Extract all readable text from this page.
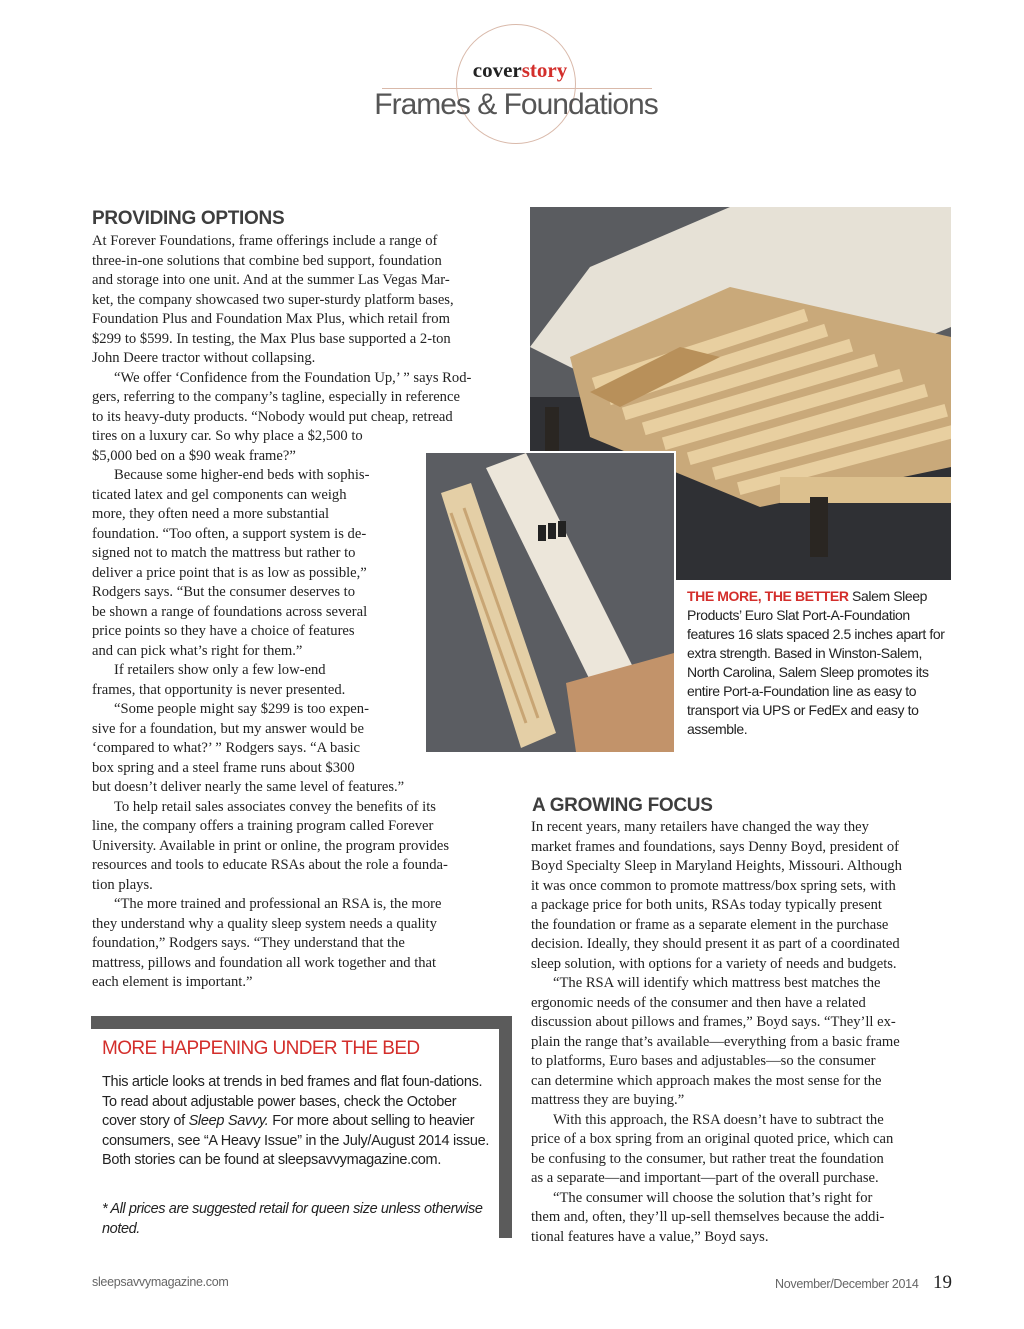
coverstory
Frames & Foundations
PROVIDING OPTIONS
At Forever Foundations, frame offerings include a range of
three-in-one solutions that combine bed support, foundation
and storage into one unit. And at the summer Las Vegas Mar-
ket, the company showcased two super-sturdy platform bases,
Foundation Plus and Foundation Max Plus, which retail from
$299 to $599. In testing, the Max Plus base supported a 2-ton
John Deere tractor without collapsing.
“We offer ‘Confidence from the Foundation Up,’ ” says Rod-
gers, referring to the company’s tagline, especially in reference
to its heavy-duty products. “Nobody would put cheap, retread
tires on a luxury car. So why place a $2,500 to
$5,000 bed on a $90 weak frame?”
Because some higher-end beds with sophis-
ticated latex and gel components can weigh
more, they often need a more substantial
foundation. “Too often, a support system is de-
signed not to match the mattress but rather to
deliver a price point that is as low as possible,”
Rodgers says. “But the consumer deserves to
be shown a range of foundations across several
price points so they have a choice of features
and can pick what’s right for them.”
If retailers show only a few low-end
frames, that opportunity is never presented.
“Some people might say $299 is too expen-
sive for a foundation, but my answer would be
‘compared to what?’ ” Rodgers says. “A basic
box spring and a steel frame runs about $300
but doesn’t deliver nearly the same level of features.”
To help retail sales associates convey the benefits of its
line, the company offers a training program called Forever
University. Available in print or online, the program provides
resources and tools to educate RSAs about the role a founda-
tion plays.
“The more trained and professional an RSA is, the more
they understand why a quality sleep system needs a quality
foundation,” Rodgers says. “They understand that the
mattress, pillows and foundation all work together and that
each element is important.”
THE MORE, THE BETTER Salem Sleep Products’ Euro Slat Port-A-Foundation features 16 slats spaced 2.5 inches apart for extra strength. Based in Winston-Salem, North Carolina, Salem Sleep promotes its entire Port-a-Foundation line as easy to transport via UPS or FedEx and easy to assemble.
A GROWING FOCUS
In recent years, many retailers have changed the way they
market frames and foundations, says Denny Boyd, president of
Boyd Specialty Sleep in Maryland Heights, Missouri. Although
it was once common to promote mattress/box spring sets, with
a package price for both units, RSAs today typically present
the foundation or frame as a separate element in the purchase
decision. Ideally, they should present it as part of a coordinated
sleep solution, with options for a variety of needs and budgets.
“The RSA will identify which mattress best matches the
ergonomic needs of the consumer and then have a related
discussion about pillows and frames,” Boyd says. “They’ll ex-
plain the range that’s available—everything from a basic frame
to platforms, Euro bases and adjustables—so the consumer
can determine which approach makes the most sense for the
mattress they are buying.”
With this approach, the RSA doesn’t have to subtract the
price of a box spring from an original quoted price, which can
be confusing to the consumer, but rather treat the foundation
as a separate—and important—part of the overall purchase.
“The consumer will choose the solution that’s right for
them and, often, they’ll up-sell themselves because the addi-
tional features have a value,” Boyd says.
MORE HAPPENING UNDER THE BED
This article looks at trends in bed frames and flat foun-dations. To read about adjustable power bases, check the October cover story of Sleep Savvy. For more about selling to heavier consumers, see “A Heavy Issue” in the July/August 2014 issue. Both stories can be found at sleepsavvymagazine.com.
* All prices are suggested retail for queen size unless otherwise noted.
sleepsavvymagazine.com	November/December 2014 19
